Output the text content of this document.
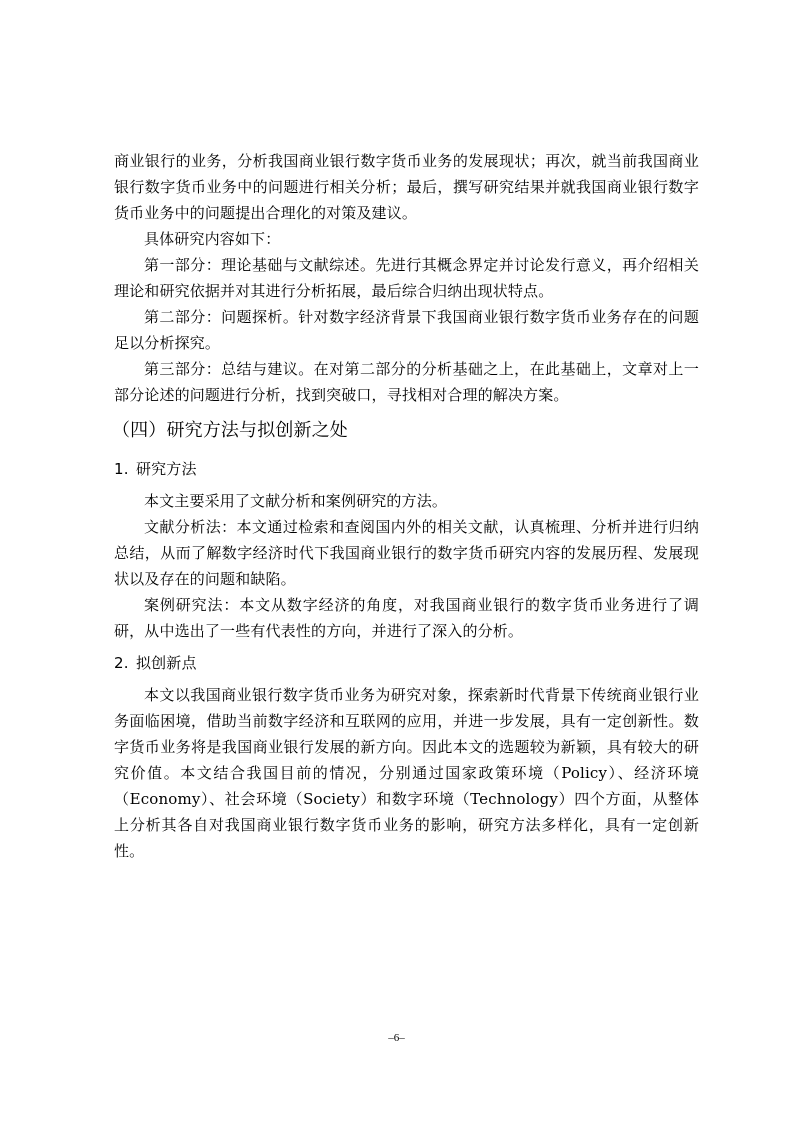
商业银行的业务，分析我国商业银行数字货币业务的发展现状；再次，就当前我国商业银行数字货币业务中的问题进行相关分析；最后，撰写研究结果并就我国商业银行数字货币业务中的问题提出合理化的对策及建议。

具体研究内容如下：

第一部分：理论基础与文献综述。先进行其概念界定并讨论发行意义，再介绍相关理论和研究依据并对其进行分析拓展，最后综合归纳出现状特点。

第二部分：问题探析。针对数字经济背景下我国商业银行数字货币业务存在的问题足以分析探究。

第三部分：总结与建议。在对第二部分的分析基础之上，在此基础上，文章对上一部分论述的问题进行分析，找到突破口，寻找相对合理的解决方案。

（四）研究方法与拟创新之处
1. 研究方法

本文主要采用了文献分析和案例研究的方法。

文献分析法：本文通过检索和查阅国内外的相关文献，认真梳理、分析并进行归纳总结，从而了解数字经济时代下我国商业银行的数字货币研究内容的发展历程、发展现状以及存在的问题和缺陷。

案例研究法：本文从数字经济的角度，对我国商业银行的数字货币业务进行了调研，从中选出了一些有代表性的方向，并进行了深入的分析。

2. 拟创新点

本文以我国商业银行数字货币业务为研究对象，探索新时代背景下传统商业银行业务面临困境，借助当前数字经济和互联网的应用，并进一步发展，具有一定创新性。数字货币业务将是我国商业银行发展的新方向。因此本文的选题较为新颖，具有较大的研究价值。本文结合我国目前的情况，分别通过国家政策环境（Policy）、经济环境（Economy）、社会环境（Society）和数字环境（Technology）四个方面，从整体上分析其各自对我国商业银行数字货币业务的影响，研究方法多样化，具有一定创新性。

–6–
